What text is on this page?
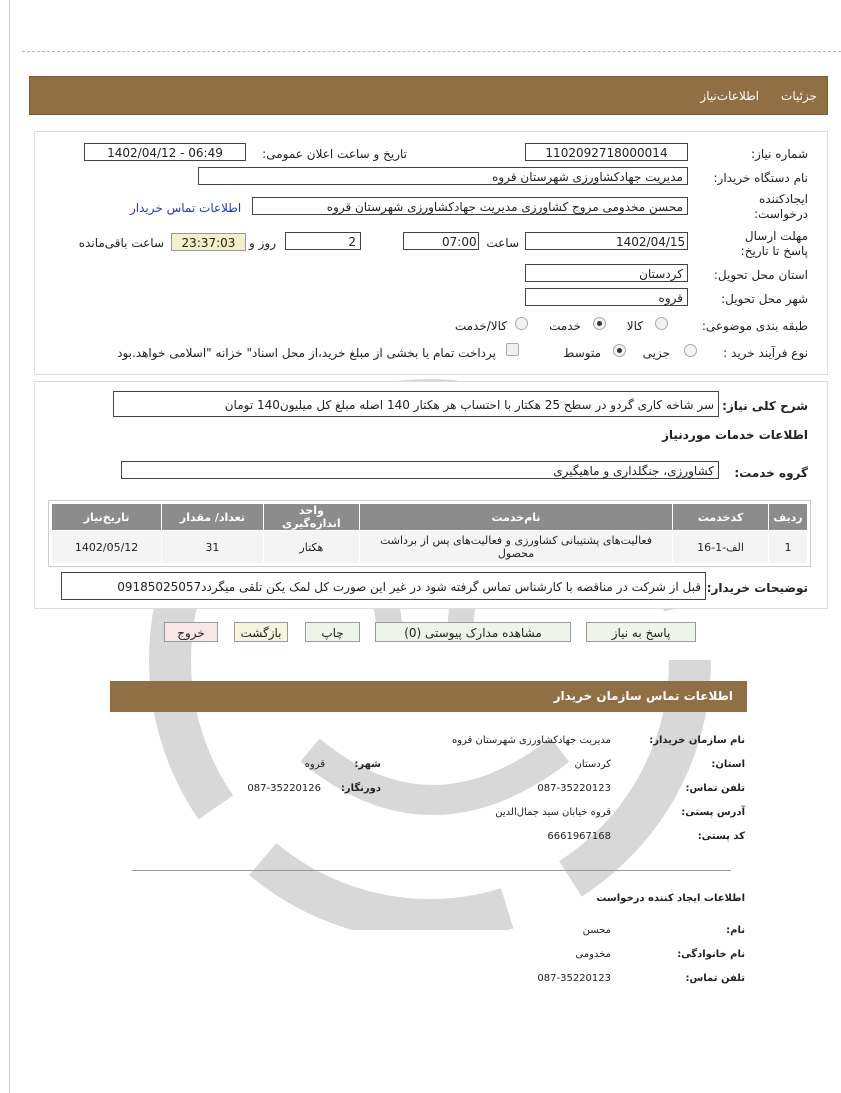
جزئیات
اطلاعات‌نیاز
شماره نیاز:
1102092718000014
تاریخ و ساعت اعلان عمومی:
1402/04/12 - 06:49
نام دستگاه خریدار:
مدیریت جهادکشاورزی شهرستان قروه
ایجادکننده درخواست:
محسن مخدومی مروج کشاورزی مدیریت جهادکشاورزی شهرستان قروه
اطلاعات تماس خریدار
مهلت ارسال پاسخ تا تاریخ:
1402/04/15
ساعت
07:00
2
روز و
23:37:03
ساعت باقی‌مانده
استان محل تحویل:
کردستان
شهر محل تحویل:
قروه
طبقه بندی موضوعی:
کالا
خدمت
کالا/خدمت
نوع فرآیند خرید :
جزیی
متوسط
پرداخت تمام یا بخشی از مبلغ خرید،از محل اسناد" خزانه "اسلامی خواهد.بود
شرح کلی نیاز:
سر شاخه کاری گردو در سطح 25 هکتار با احتساب هر هکتار 140 اصله مبلغ کل میلیون140 تومان
اطلاعات خدمات موردنیاز
گروه خدمت:
کشاورزی، جنگلداری و ماهیگیری
ردیف	کدخدمت	نام‌خدمت	واحد اندازه‌گیری	تعداد/ مقدار	تاریخ‌نیاز
1	الف-1-16	فعالیت‌های پشتیبانی کشاورزی و فعالیت‌های پس از برداشت محصول	هکتار	31	1402/05/12
توضیحات خریدار:
قبل از شرکت در مناقصه با کارشناس تماس گرفته شود در غیر این صورت کل لمک یکن تلقی میگردد09185025057
پاسخ به نیاز
مشاهده مدارک پیوستی (0)
چاپ
بازگشت
خروج
اطلاعات تماس سازمان خریدار
نام سازمان خریدار:
مدیریت جهادکشاورزی شهرستان قروه
استان:
کردستان
شهر:
قروه
تلفن تماس:
087-35220123
دورنگار:
087-35220126
آدرس پستی:
قروه خیابان سید جمال‌الدین
کد پستی:
6661967168
اطلاعات ایجاد کننده درخواست
نام:
محسن
نام خانوادگی:
مخدومی
تلفن تماس:
087-35220123
